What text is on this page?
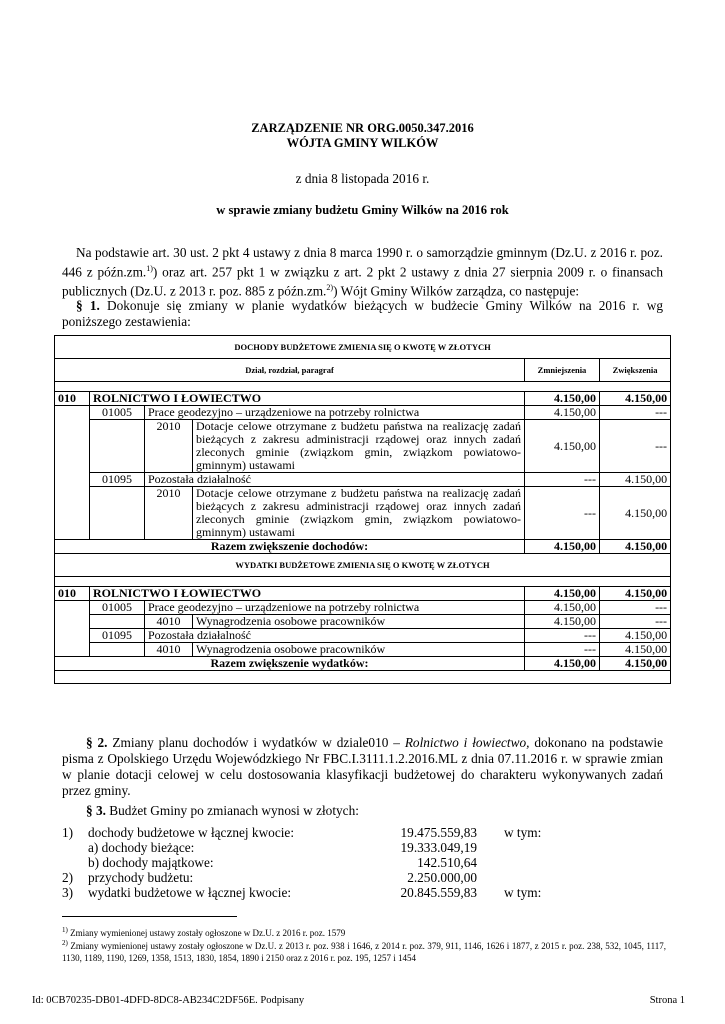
ZARZĄDZENIE NR ORG.0050.347.2016
WÓJTA GMINY WILKÓW
z dnia 8 listopada 2016 r.
w sprawie zmiany budżetu Gminy Wilków na 2016 rok
Na podstawie art. 30 ust. 2 pkt 4 ustawy z dnia 8 marca 1990 r. o samorządzie gminnym (Dz.U. z 2016 r. poz. 446 z późn.zm.$^{1)}$) oraz art. 257 pkt 1 w związku z art. 2 pkt 2 ustawy z dnia 27 sierpnia 2009 r. o finansach publicznych (Dz.U. z 2013 r. poz. 885 z późn.zm.$^{2)}$) Wójt Gminy Wilków zarządza, co następuje:
§ 1. Dokonuje się zmiany w planie wydatków bieżących w budżecie Gminy Wilków na 2016 r. wg poniższego zestawienia:
DOCHODY BUDŻETOWE ZMIENIA SIĘ O KWOTĘ W ZŁOTYCH					
Dział, rozdział, paragraf				Zmniejszenia	Zwiększenia

010	ROLNICTWO I ŁOWIECTWO			4.150,00	4.150,00
	01005	Prace geodezyjno – urządzeniowe na potrzeby rolnictwa		4.150,00	---
		2010	Dotacje celowe otrzymane z budżetu państwa na realizację zadań bieżących z zakresu administracji rządowej oraz innych zadań zleconych gminie (związkom gmin, związkom powiatowo-gminnym) ustawami	4.150,00	---
	01095	Pozostała działalność		---	4.150,00
		2010	Dotacje celowe otrzymane z budżetu państwa na realizację zadań bieżących z zakresu administracji rządowej oraz innych zadań zleconych gminie (związkom gmin, związkom powiatowo-gminnym) ustawami	---	4.150,00
Razem zwiększenie dochodów:				4.150,00	4.150,00
WYDATKI BUDŻETOWE ZMIENIA SIĘ O KWOTĘ W ZŁOTYCH					

010	ROLNICTWO I ŁOWIECTWO			4.150,00	4.150,00
	01005	Prace geodezyjno – urządzeniowe na potrzeby rolnictwa		4.150,00	---
		4010	Wynagrodzenia osobowe pracowników	4.150,00	---
	01095	Pozostała działalność		---	4.150,00
		4010	Wynagrodzenia osobowe pracowników	---	4.150,00
Razem zwiększenie wydatków:				4.150,00	4.150,00

§ 2. Zmiany planu dochodów i wydatków w dziale010 – Rolnictwo i łowiectwo, dokonano na podstawie pisma z Opolskiego Urzędu Wojewódzkiego Nr FBC.I.3111.1.2.2016.ML z dnia 07.11.2016 r. w sprawie zmian w planie dotacji celowej w celu dostosowania klasyfikacji budżetowej do charakteru wykonywanych zadań przez gminy.
§ 3. Budżet Gminy po zmianach wynosi w złotych:
1) dochody budżetowe w łącznej kwocie:	19.475.559,83 w tym:
a) dochody bieżące:	19.333.049,19
b) dochody majątkowe:	142.510,64
2) przychody budżetu:	2.250.000,00
3) wydatki budżetowe w łącznej kwocie:	20.845.559,83 w tym:
$^{1)}$ Zmiany wymienionej ustawy zostały ogłoszone w Dz.U. z 2016 r. poz. 1579
$^{2)}$ Zmiany wymienionej ustawy zostały ogłoszone w Dz.U. z 2013 r. poz. 938 i 1646, z 2014 r. poz. 379, 911, 1146, 1626 i 1877, z 2015 r. poz. 238, 532, 1045, 1117, 1130, 1189, 1190, 1269, 1358, 1513, 1830, 1854, 1890 i 2150 oraz z 2016 r. poz. 195, 1257 i 1454
Id: 0CB70235-DB01-4DFD-8DC8-AB234C2DF56E. Podpisany	Strona 1
